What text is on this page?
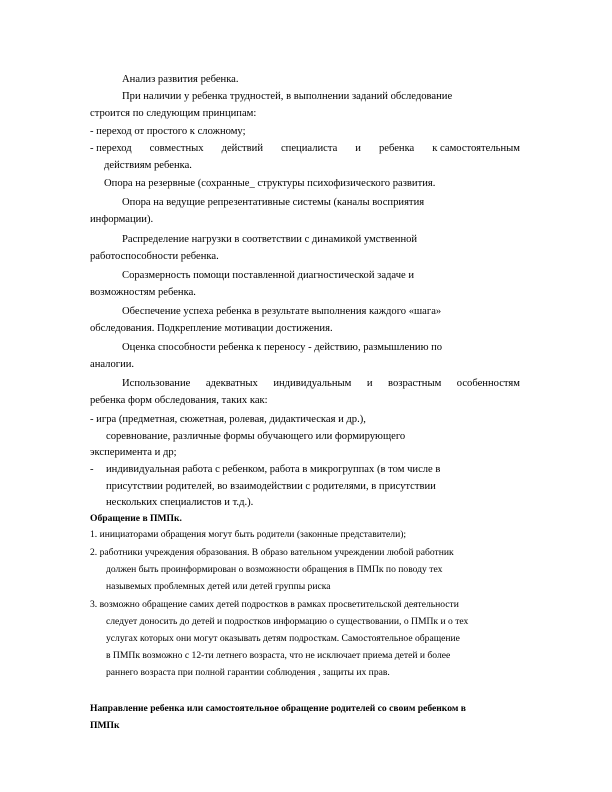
Анализ развития ребенка.
При наличии у ребенка трудностей, в выполнении заданий обследование
строится по следующим принципам:
- переход от простого к сложному;
- переход совместных действий специалиста и ребенка к самостоятельным
действиям ребенка.
Опора на резервные (сохранные_ структуры психофизического развития.
Опора на ведущие репрезентативные системы (каналы восприятия
информации).
Распределение нагрузки в соответствии с динамикой умственной
работоспособности ребенка.
Соразмерность помощи поставленной диагностической задаче и
возможностям ребенка.
Обеспечение успеха ребенка в результате выполнения каждого «шага»
обследования. Подкрепление мотивации достижения.
Оценка способности ребенка к переносу - действию, размышлению по
аналогии.
Использование адекватных индивидуальным и возрастным особенностям
ребенка форм обследования, таких как:
- игра (предметная, сюжетная, ролевая, дидактическая и др.),
соревнование, различные формы обучающего или формирующего
эксперимента и др;
- индивидуальная работа с ребенком, работа в микрогруппах (в том числе в
присутствии родителей, во взаимодействии с родителями, в присутствии
нескольких специалистов и т.д.).
Обращение в ПМПк.
1. инициаторами обращения могут быть родители (законные представители);
2. работники учреждения образования. В образо вательном учреждении любой работник
должен быть проинформирован о возможности обращения в ПМПк по поводу тех
назывемых проблемных детей или детей группы риска
3. возможно обращение самих детей подростков в рамках просветительской деятельности
следует доносить до детей и подростков информацию о существовании, о ПМПк и о тех
услугах которых они могут оказывать детям подросткам. Самостоятельное обращение
в ПМПк возможно с 12-ти летнего возраста, что не исключает приема детей и более
раннего возраста при полной гарантии соблюдения , защиты их прав.
Направление ребенка или самостоятельное обращение родителей со своим ребенком в
ПМПк
